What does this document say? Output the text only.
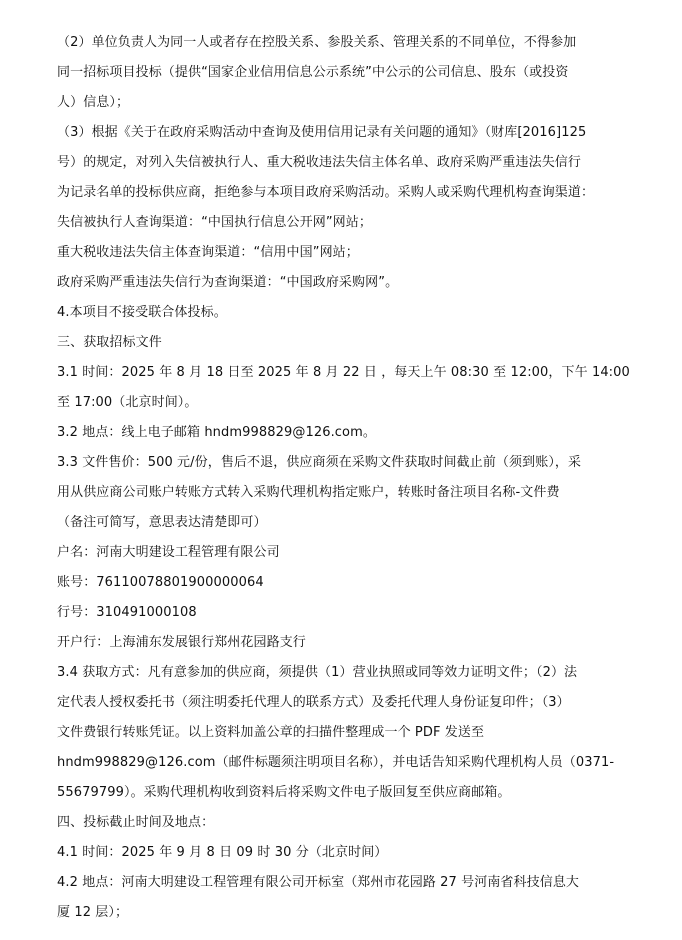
（2）单位负责人为同一人或者存在控股关系、参股关系、管理关系的不同单位，不得参加

同一招标项目投标（提供“国家企业信用信息公示系统”中公示的公司信息、股东（或投资

人）信息）；

（3）根据《关于在政府采购活动中查询及使用信用记录有关问题的通知》（财库[2016]125

号）的规定，对列入失信被执行人、重大税收违法失信主体名单、政府采购严重违法失信行

为记录名单的投标供应商，拒绝参与本项目政府采购活动。采购人或采购代理机构查询渠道：

失信被执行人查询渠道：“中国执行信息公开网”网站；

重大税收违法失信主体查询渠道：“信用中国”网站；

政府采购严重违法失信行为查询渠道：“中国政府采购网”。

4.本项目不接受联合体投标。

三、获取招标文件

3.1 时间：2025 年 8 月 18 日至 2025 年 8 月 22 日 ，每天上午 08:30 至 12:00，下午 14:00

至 17:00（北京时间）。

3.2 地点：线上电子邮箱 hndm998829@126.com。

3.3 文件售价：500 元/份，售后不退，供应商须在采购文件获取时间截止前（须到账），采

用从供应商公司账户转账方式转入采购代理机构指定账户，转账时备注项目名称-文件费

（备注可简写，意思表达清楚即可）

户名：河南大明建设工程管理有限公司

账号：76110078801900000064

行号：310491000108

开户行：上海浦东发展银行郑州花园路支行

3.4 获取方式：凡有意参加的供应商，须提供（1）营业执照或同等效力证明文件；（2）法

定代表人授权委托书（须注明委托代理人的联系方式）及委托代理人身份证复印件；（3）

文件费银行转账凭证。以上资料加盖公章的扫描件整理成一个 PDF 发送至

hndm998829@126.com（邮件标题须注明项目名称），并电话告知采购代理机构人员（0371-

55679799）。采购代理机构收到资料后将采购文件电子版回复至供应商邮箱。

四、投标截止时间及地点：

4.1 时间：2025 年 9 月 8 日 09 时 30 分（北京时间）

4.2 地点：河南大明建设工程管理有限公司开标室（郑州市花园路 27 号河南省科技信息大

厦 12 层）；
